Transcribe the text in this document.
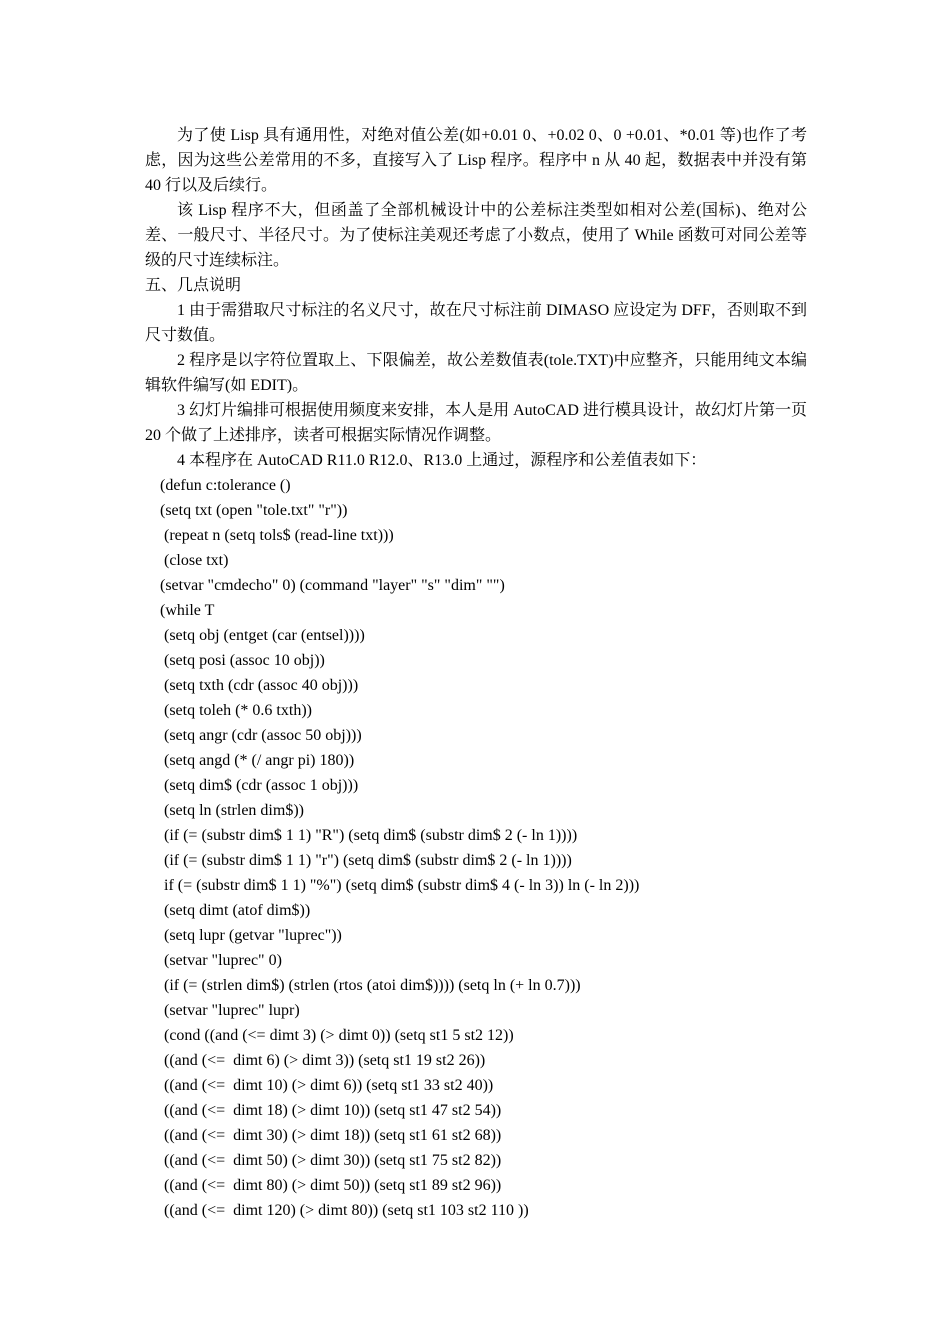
为了使 Lisp 具有通用性，对绝对值公差(如+0.01 0、+0.02 0、0 +0.01、*0.01 等)也作了考虑，因为这些公差常用的不多，直接写入了 Lisp 程序。程序中 n 从 40 起，数据表中并没有第 40 行以及后续行。

该 Lisp 程序不大，但函盖了全部机械设计中的公差标注类型如相对公差(国标)、绝对公差、一般尺寸、半径尺寸。为了使标注美观还考虑了小数点，使用了 While 函数可对同公差等级的尺寸连续标注。

五、几点说明

1 由于需猎取尺寸标注的名义尺寸，故在尺寸标注前 DIMASO 应设定为 DFF，否则取不到尺寸数值。

2 程序是以字符位置取上、下限偏差，故公差数值表(tole.TXT)中应整齐，只能用纯文本编辑软件编写(如 EDIT)。

3 幻灯片编排可根据使用频度来安排，本人是用 AutoCAD 进行模具设计，故幻灯片第一页 20 个做了上述排序，读者可根据实际情况作调整。

4 本程序在 AutoCAD R11.0 R12.0、R13.0 上通过，源程序和公差值表如下：

(defun c:tolerance ()
(setq txt (open "tole.txt" "r"))
(repeat n (setq tols$ (read-line txt)))
(close txt)
(setvar "cmdecho" 0) (command "layer" "s" "dim" "")
(while T
(setq obj (entget (car (entsel))))
(setq posi (assoc 10 obj))
(setq txth (cdr (assoc 40 obj)))
(setq toleh (* 0.6 txth))
(setq angr (cdr (assoc 50 obj)))
(setq angd (* (/ angr pi) 180))
(setq dim$ (cdr (assoc 1 obj)))
(setq ln (strlen dim$))
(if (= (substr dim$ 1 1) "R") (setq dim$ (substr dim$ 2 (- ln 1))))
(if (= (substr dim$ 1 1) "r") (setq dim$ (substr dim$ 2 (- ln 1))))
if (= (substr dim$ 1 1) "%") (setq dim$ (substr dim$ 4 (- ln 3)) ln (- ln 2)))
(setq dimt (atof dim$))
(setq lupr (getvar "luprec"))
(setvar "luprec" 0)
(if (= (strlen dim$) (strlen (rtos (atoi dim$)))) (setq ln (+ ln 0.7)))
(setvar "luprec" lupr)
(cond ((and (<= dimt 3) (> dimt 0)) (setq st1 5 st2 12))
((and (<=  dimt 6) (> dimt 3)) (setq st1 19 st2 26))
((and (<=  dimt 10) (> dimt 6)) (setq st1 33 st2 40))
((and (<=  dimt 18) (> dimt 10)) (setq st1 47 st2 54))
((and (<=  dimt 30) (> dimt 18)) (setq st1 61 st2 68))
((and (<=  dimt 50) (> dimt 30)) (setq st1 75 st2 82))
((and (<=  dimt 80) (> dimt 50)) (setq st1 89 st2 96))
((and (<=  dimt 120) (> dimt 80)) (setq st1 103 st2 110 ))
